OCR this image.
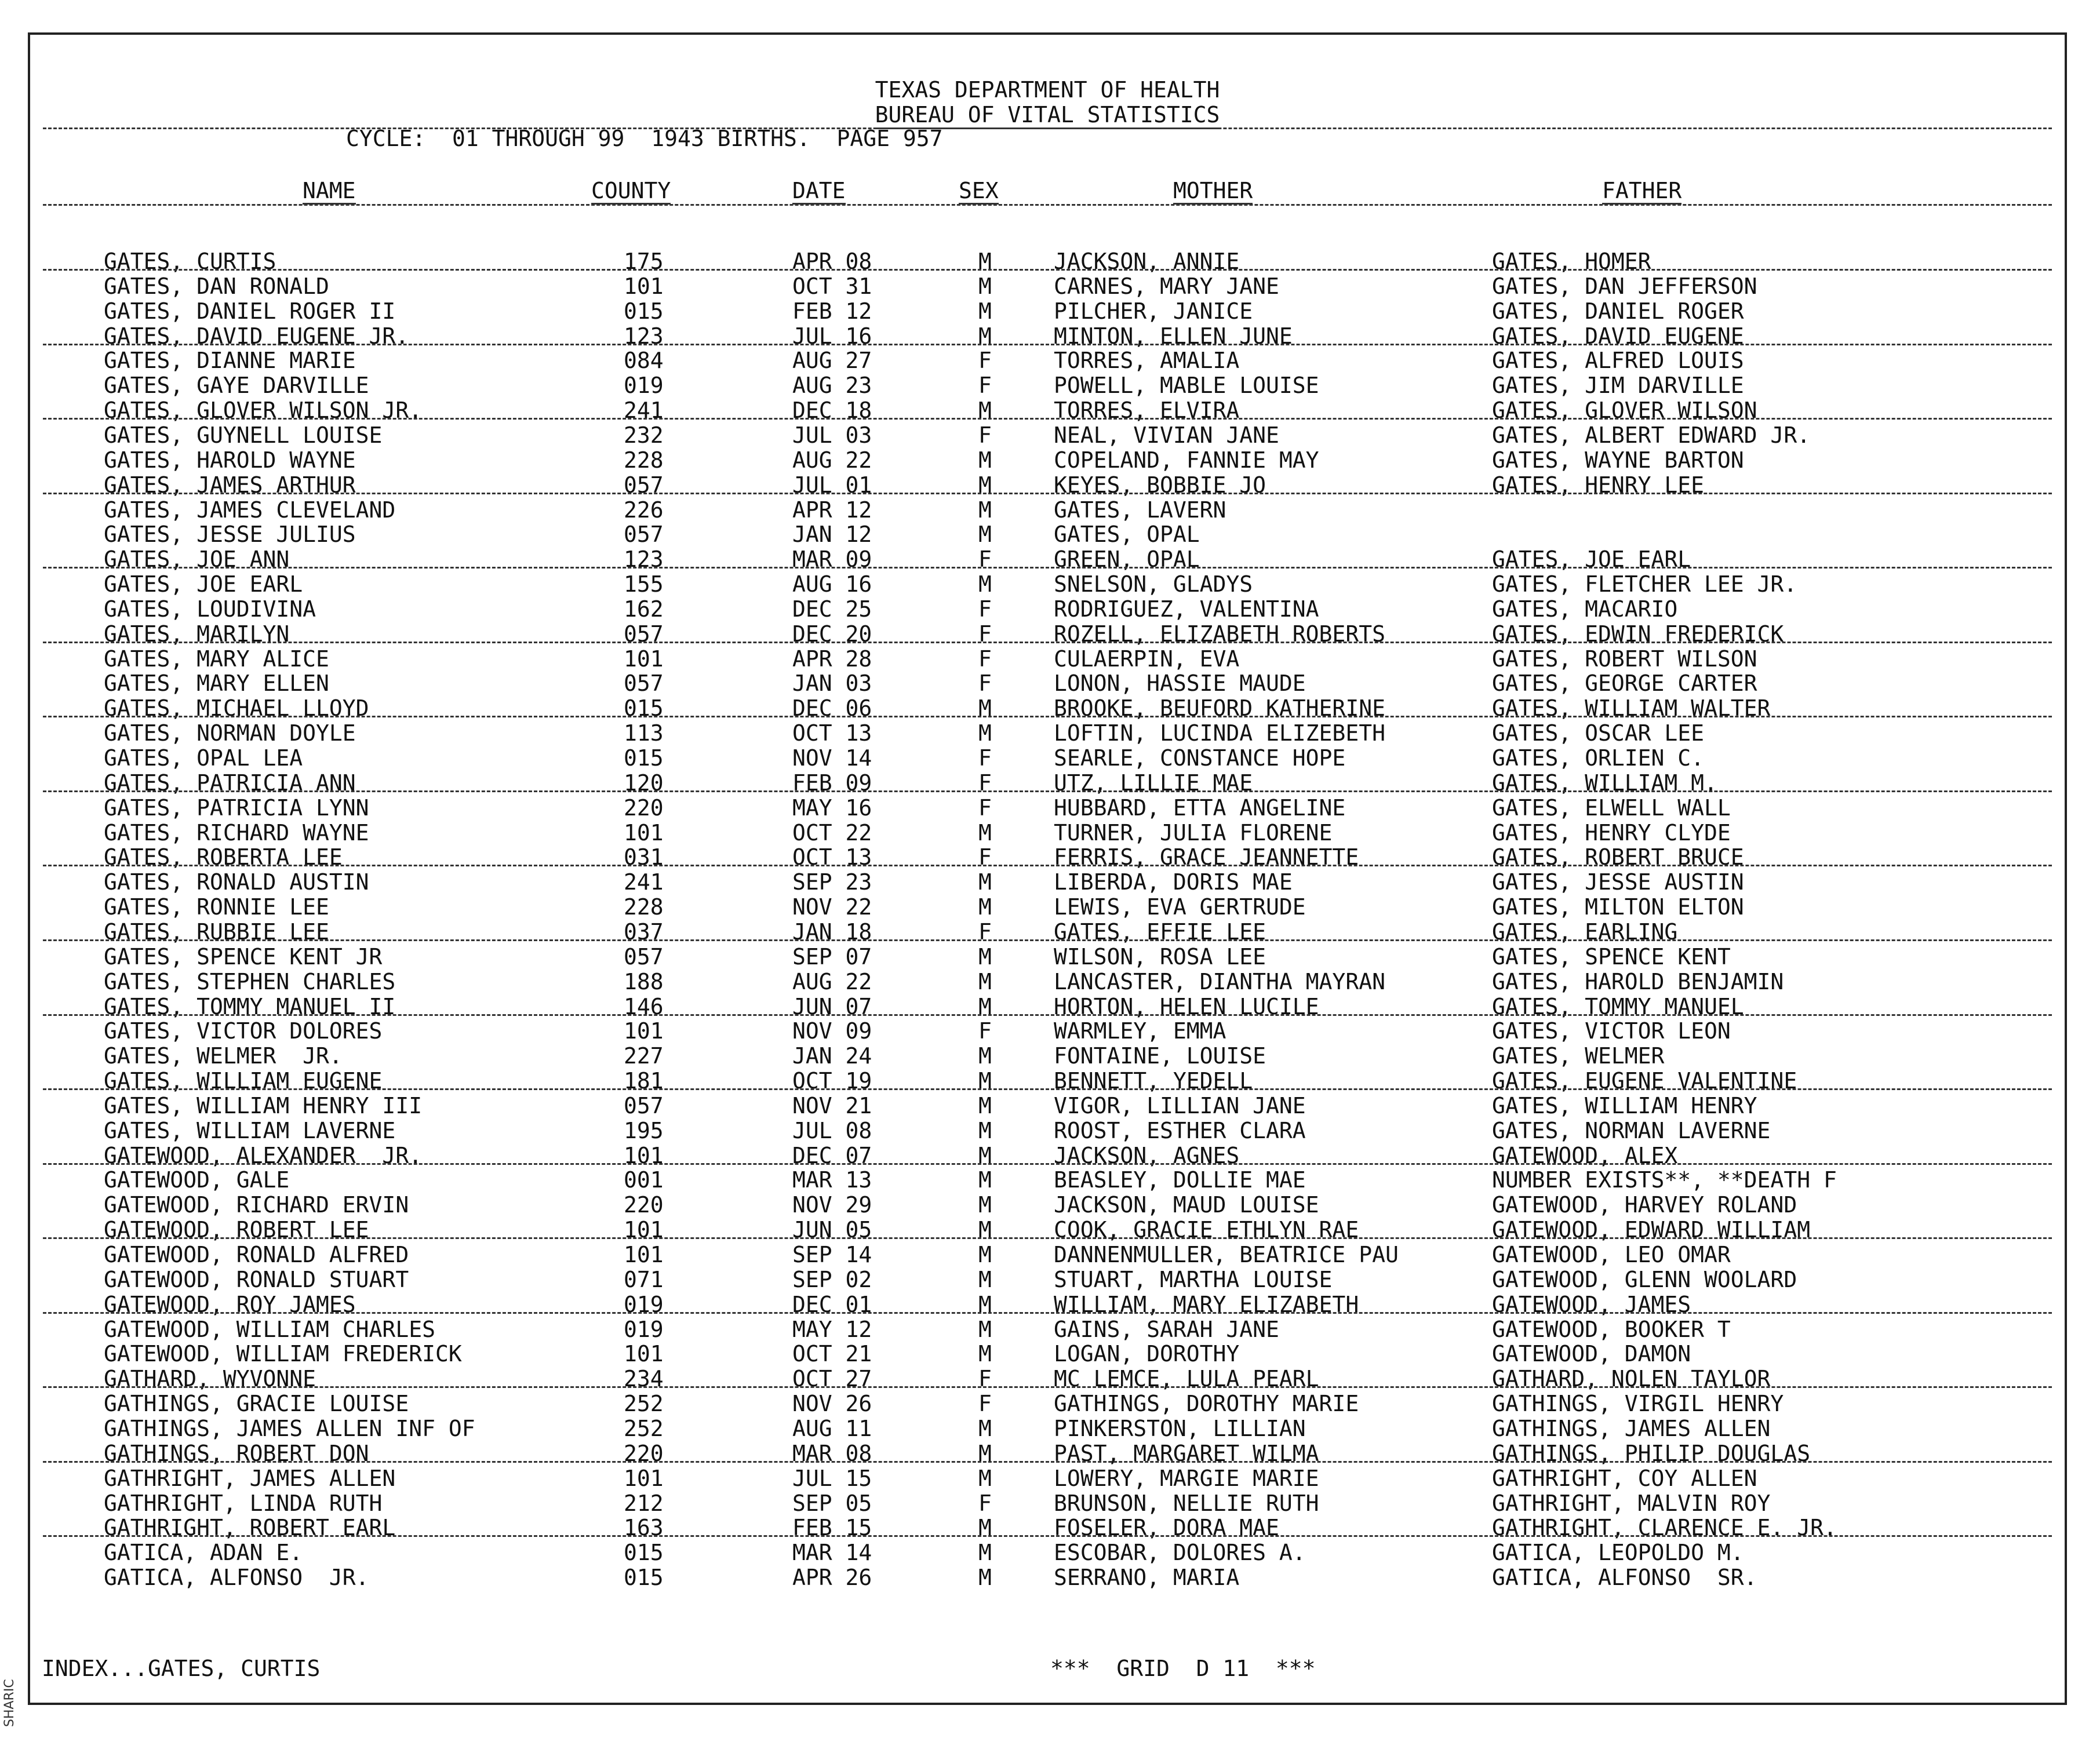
TEXAS DEPARTMENT OF HEALTH
BUREAU OF VITAL STATISTICS
CYCLE:  01 THROUGH 99  1943 BIRTHS.  PAGE 957
NAME	COUNTY	DATE	SEX	MOTHER	FATHER
GATES, CURTIS	175	APR 08	M	JACKSON, ANNIE	GATES, HOMER
GATES, DAN RONALD	101	OCT 31	M	CARNES, MARY JANE	GATES, DAN JEFFERSON
GATES, DANIEL ROGER II	015	FEB 12	M	PILCHER, JANICE	GATES, DANIEL ROGER
GATES, DAVID EUGENE JR.	123	JUL 16	M	MINTON, ELLEN JUNE	GATES, DAVID EUGENE
GATES, DIANNE MARIE	084	AUG 27	F	TORRES, AMALIA	GATES, ALFRED LOUIS
GATES, GAYE DARVILLE	019	AUG 23	F	POWELL, MABLE LOUISE	GATES, JIM DARVILLE
GATES, GLOVER WILSON JR.	241	DEC 18	M	TORRES, ELVIRA	GATES, GLOVER WILSON
GATES, GUYNELL LOUISE	232	JUL 03	F	NEAL, VIVIAN JANE	GATES, ALBERT EDWARD JR.
GATES, HAROLD WAYNE	228	AUG 22	M	COPELAND, FANNIE MAY	GATES, WAYNE BARTON
GATES, JAMES ARTHUR	057	JUL 01	M	KEYES, BOBBIE JO	GATES, HENRY LEE
GATES, JAMES CLEVELAND	226	APR 12	M	GATES, LAVERN
GATES, JESSE JULIUS	057	JAN 12	M	GATES, OPAL
GATES, JOE ANN	123	MAR 09	F	GREEN, OPAL	GATES, JOE EARL
GATES, JOE EARL	155	AUG 16	M	SNELSON, GLADYS	GATES, FLETCHER LEE JR.
GATES, LOUDIVINA	162	DEC 25	F	RODRIGUEZ, VALENTINA	GATES, MACARIO
GATES, MARILYN	057	DEC 20	F	ROZELL, ELIZABETH ROBERTS	GATES, EDWIN FREDERICK
GATES, MARY ALICE	101	APR 28	F	CULAERPIN, EVA	GATES, ROBERT WILSON
GATES, MARY ELLEN	057	JAN 03	F	LONON, HASSIE MAUDE	GATES, GEORGE CARTER
GATES, MICHAEL LLOYD	015	DEC 06	M	BROOKE, BEUFORD KATHERINE	GATES, WILLIAM WALTER
GATES, NORMAN DOYLE	113	OCT 13	M	LOFTIN, LUCINDA ELIZEBETH	GATES, OSCAR LEE
GATES, OPAL LEA	015	NOV 14	F	SEARLE, CONSTANCE HOPE	GATES, ORLIEN C.
GATES, PATRICIA ANN	120	FEB 09	F	UTZ, LILLIE MAE	GATES, WILLIAM M.
GATES, PATRICIA LYNN	220	MAY 16	F	HUBBARD, ETTA ANGELINE	GATES, ELWELL WALL
GATES, RICHARD WAYNE	101	OCT 22	M	TURNER, JULIA FLORENE	GATES, HENRY CLYDE
GATES, ROBERTA LEE	031	OCT 13	F	FERRIS, GRACE JEANNETTE	GATES, ROBERT BRUCE
GATES, RONALD AUSTIN	241	SEP 23	M	LIBERDA, DORIS MAE	GATES, JESSE AUSTIN
GATES, RONNIE LEE	228	NOV 22	M	LEWIS, EVA GERTRUDE	GATES, MILTON ELTON
GATES, RUBBIE LEE	037	JAN 18	F	GATES, EFFIE LEE	GATES, EARLING
GATES, SPENCE KENT JR	057	SEP 07	M	WILSON, ROSA LEE	GATES, SPENCE KENT
GATES, STEPHEN CHARLES	188	AUG 22	M	LANCASTER, DIANTHA MAYRAN	GATES, HAROLD BENJAMIN
GATES, TOMMY MANUEL II	146	JUN 07	M	HORTON, HELEN LUCILE	GATES, TOMMY MANUEL
GATES, VICTOR DOLORES	101	NOV 09	F	WARMLEY, EMMA	GATES, VICTOR LEON
GATES, WELMER  JR.	227	JAN 24	M	FONTAINE, LOUISE	GATES, WELMER
GATES, WILLIAM EUGENE	181	OCT 19	M	BENNETT, YEDELL	GATES, EUGENE VALENTINE
GATES, WILLIAM HENRY III	057	NOV 21	M	VIGOR, LILLIAN JANE	GATES, WILLIAM HENRY
GATES, WILLIAM LAVERNE	195	JUL 08	M	ROOST, ESTHER CLARA	GATES, NORMAN LAVERNE
GATEWOOD, ALEXANDER  JR.	101	DEC 07	M	JACKSON, AGNES	GATEWOOD, ALEX
GATEWOOD, GALE	001	MAR 13	M	BEASLEY, DOLLIE MAE	NUMBER EXISTS**, **DEATH F
GATEWOOD, RICHARD ERVIN	220	NOV 29	M	JACKSON, MAUD LOUISE	GATEWOOD, HARVEY ROLAND
GATEWOOD, ROBERT LEE	101	JUN 05	M	COOK, GRACIE ETHLYN RAE	GATEWOOD, EDWARD WILLIAM
GATEWOOD, RONALD ALFRED	101	SEP 14	M	DANNENMULLER, BEATRICE PAU	GATEWOOD, LEO OMAR
GATEWOOD, RONALD STUART	071	SEP 02	M	STUART, MARTHA LOUISE	GATEWOOD, GLENN WOOLARD
GATEWOOD, ROY JAMES	019	DEC 01	M	WILLIAM, MARY ELIZABETH	GATEWOOD, JAMES
GATEWOOD, WILLIAM CHARLES	019	MAY 12	M	GAINS, SARAH JANE	GATEWOOD, BOOKER T
GATEWOOD, WILLIAM FREDERICK	101	OCT 21	M	LOGAN, DOROTHY	GATEWOOD, DAMON
GATHARD, WYVONNE	234	OCT 27	F	MC LEMCE, LULA PEARL	GATHARD, NOLEN TAYLOR
GATHINGS, GRACIE LOUISE	252	NOV 26	F	GATHINGS, DOROTHY MARIE	GATHINGS, VIRGIL HENRY
GATHINGS, JAMES ALLEN INF OF	252	AUG 11	M	PINKERSTON, LILLIAN	GATHINGS, JAMES ALLEN
GATHINGS, ROBERT DON	220	MAR 08	M	PAST, MARGARET WILMA	GATHINGS, PHILIP DOUGLAS
GATHRIGHT, JAMES ALLEN	101	JUL 15	M	LOWERY, MARGIE MARIE	GATHRIGHT, COY ALLEN
GATHRIGHT, LINDA RUTH	212	SEP 05	F	BRUNSON, NELLIE RUTH	GATHRIGHT, MALVIN ROY
GATHRIGHT, ROBERT EARL	163	FEB 15	M	FOSELER, DORA MAE	GATHRIGHT, CLARENCE E. JR.
GATICA, ADAN E.	015	MAR 14	M	ESCOBAR, DOLORES A.	GATICA, LEOPOLDO M.
GATICA, ALFONSO  JR.	015	APR 26	M	SERRANO, MARIA	GATICA, ALFONSO  SR.
INDEX...GATES, CURTIS	***  GRID  D 11  ***
SHARIC
